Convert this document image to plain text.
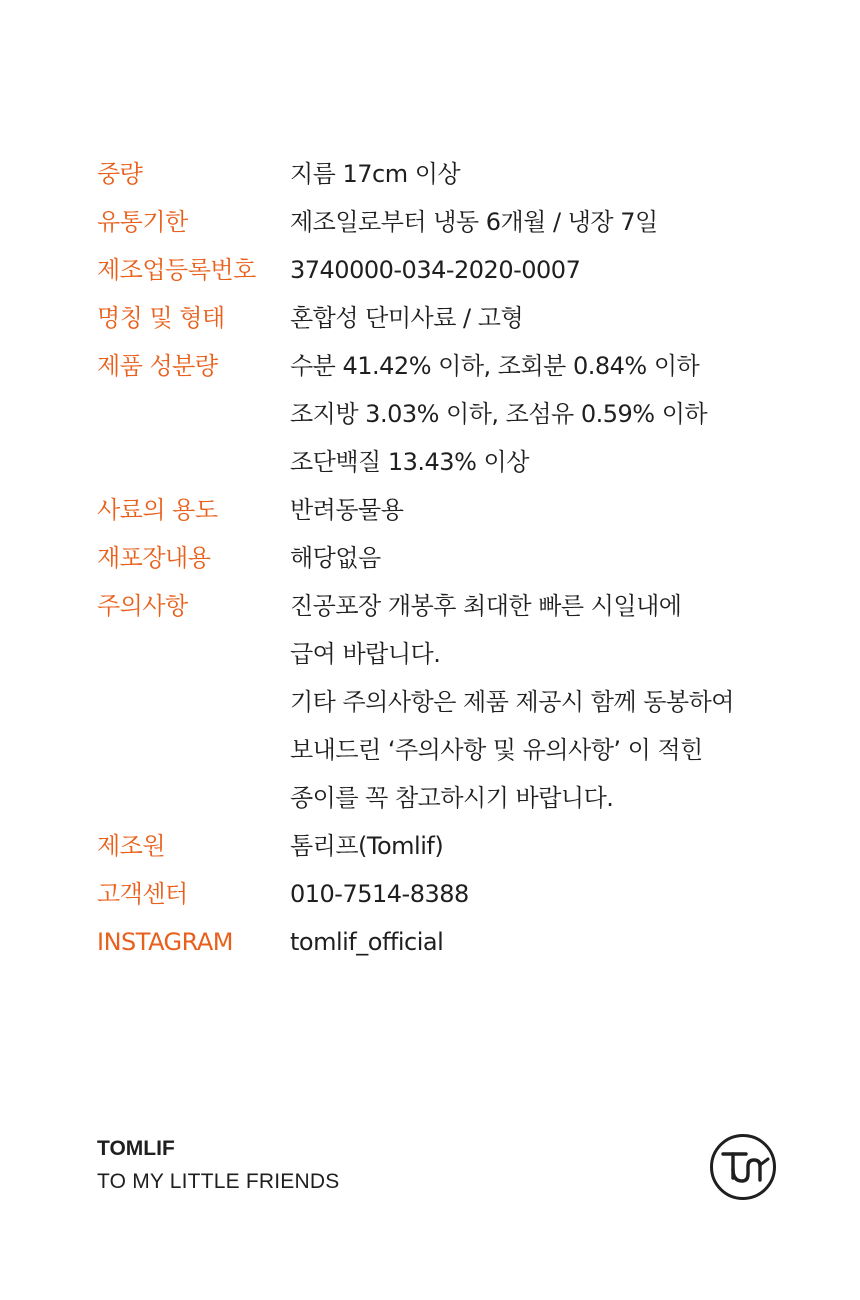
중량	지름 17cm 이상
유통기한	제조일로부터 냉동 6개월 / 냉장 7일
제조업등록번호	3740000-034-2020-0007
명칭 및 형태	혼합성 단미사료 / 고형
제품 성분량	수분 41.42% 이하, 조회분 0.84% 이하
조지방 3.03% 이하, 조섬유 0.59% 이하
조단백질 13.43% 이상
사료의 용도	반려동물용
재포장내용	해당없음
주의사항	진공포장 개봉후 최대한 빠른 시일내에
급여 바랍니다.
기타 주의사항은 제품 제공시 함께 동봉하여
보내드린 ‘주의사항 및 유의사항’ 이 적힌
종이를 꼭 참고하시기 바랍니다.
제조원	톰리프(Tomlif)
고객센터	010-7514-8388
INSTAGRAM	tomlif_official
TOMLIF
TO MY LITTLE FRIENDS
